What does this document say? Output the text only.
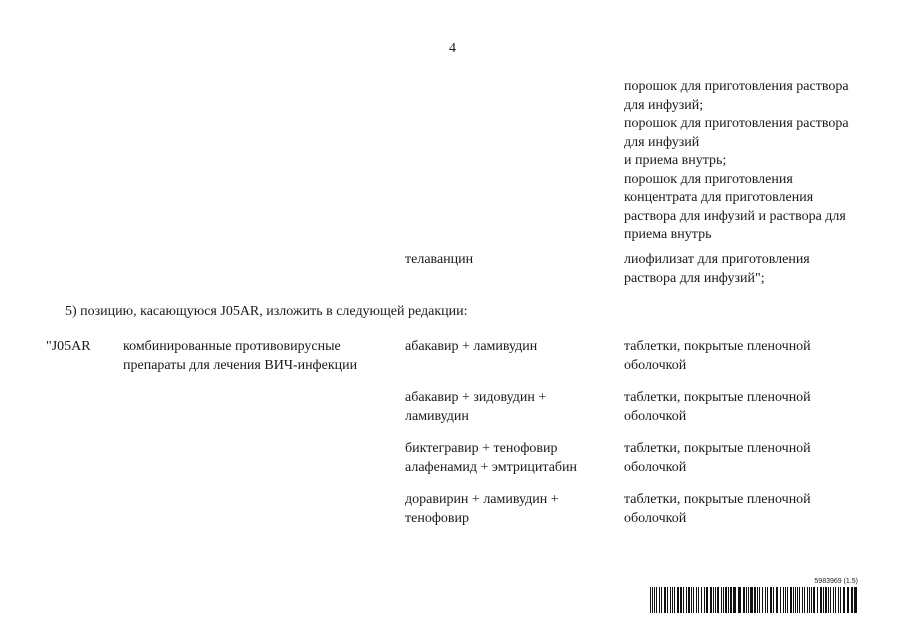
4
порошок для приготовления раствора
для инфузий;
порошок для приготовления раствора
для инфузий
и приема внутрь;
порошок для приготовления
концентрата для приготовления
раствора для инфузий и раствора для
приема внутрь
телаванцин	лиофилизат для приготовления
раствора для инфузий";
5) позицию, касающуюся J05AR, изложить в следующей редакции:
"J05AR комбинированные противовирусные
препараты для лечения ВИЧ-инфекции
абакавир + ламивудин	таблетки, покрытые пленочной
оболочкой
абакавир + зидовудин +
ламивудин
таблетки, покрытые пленочной
оболочкой
биктегравир + тенофовир
алафенамид + эмтрицитабин
таблетки, покрытые пленочной
оболочкой
доравирин + ламивудин +
тенофовир
таблетки, покрытые пленочной
оболочкой
5983969 (1.5)
